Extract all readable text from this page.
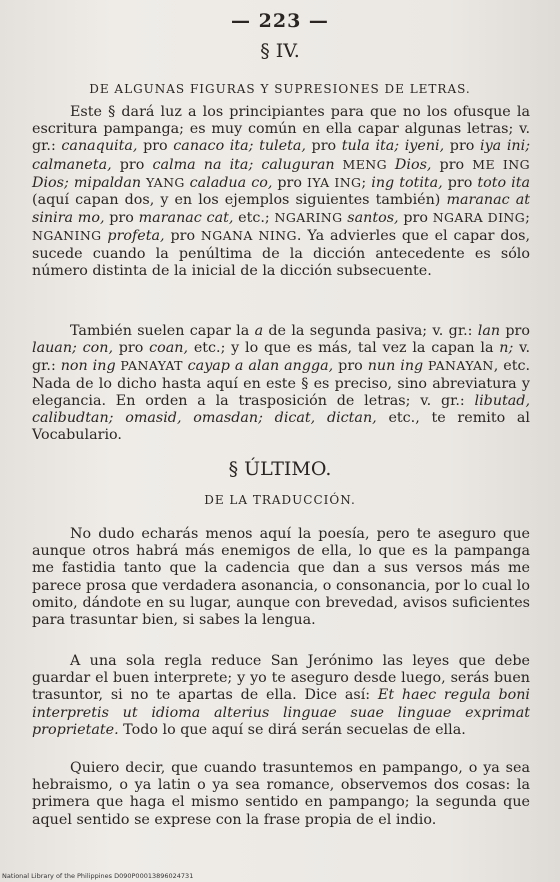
— 223 —
§ IV.
DE ALGUNAS FIGURAS Y SUPRESIONES DE LETRAS.
Este § dará luz a los principiantes para que no los ofusque la escritura pampanga; es muy común en ella capar algunas letras; v. gr.: canaquita, pro canaco ita; tuleta, pro tula ita; iyeni, pro iya ini; calmaneta, pro calma na ita; caluguran MENG Dios, pro ME ING Dios; mipaldan YANG caladua co, pro IYA ING; ing totita, pro toto ita (aquí capan dos, y en los ejemplos siguientes también) maranac at sinira mo, pro maranac cat, etc.; NGARING santos, pro NGARA DING; NGANING profeta, pro NGANA NING. Ya advierles que el capar dos, sucede cuando la penúltima de la dicción antecedente es sólo número distinta de la inicial de la dicción subsecuente.
También suelen capar la a de la segunda pasiva; v. gr.: lan pro lauan; con, pro coan, etc.; y lo que es más, tal vez la capan la n; v. gr.: non ing PANAYAT cayap a alan angga, pro nun ing PANAYAN, etc. Nada de lo dicho hasta aquí en este § es preciso, sino abreviatura y elegancia. En orden a la trasposición de letras; v. gr.: libutad, calibudtan; omasid, omasdan; dicat, dictan, etc., te remito al Vocabulario.
§ ÚLTIMO.
DE LA TRADUCCIÓN.
No dudo echarás menos aquí la poesía, pero te aseguro que aunque otros habrá más enemigos de ella, lo que es la pampanga me fastidia tanto que la cadencia que dan a sus versos más me parece prosa que verdadera asonancia, o consonancia, por lo cual lo omito, dándote en su lugar, aunque con brevedad, avisos suficientes para trasuntar bien, si sabes la lengua.
A una sola regla reduce San Jerónimo las leyes que debe guardar el buen interprete; y yo te aseguro desde luego, serás buen trasuntor, si no te apartas de ella. Dice así: Et haec regula boni interpretis ut idioma alterius linguae suae linguae exprimat proprietate. Todo lo que aquí se dirá serán secuelas de ella.
Quiero decir, que cuando trasuntemos en pampango, o ya sea hebraismo, o ya latin o ya sea romance, observemos dos cosas: la primera que haga el mismo sentido en pampango; la segunda que aquel sentido se exprese con la frase propia de el indio.
National Library of the Philippines D090P00013896024731
